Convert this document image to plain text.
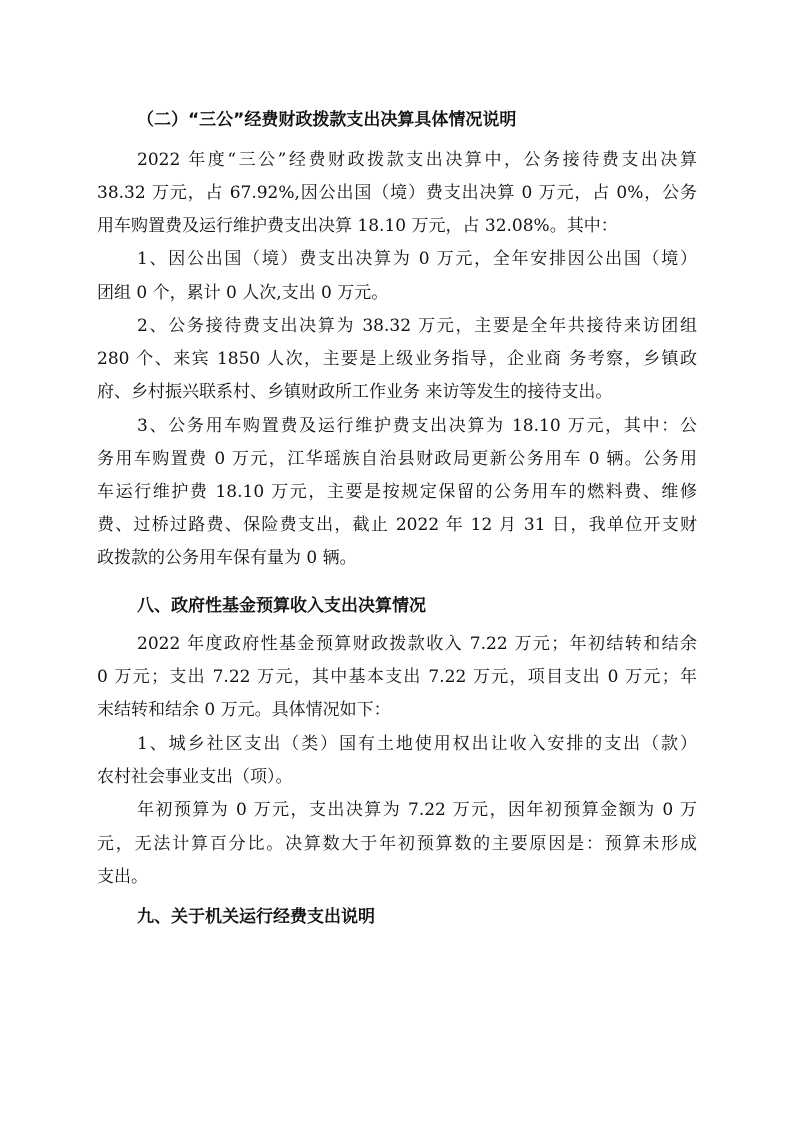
（二）“三公”经费财政拨款支出决算具体情况说明
2022 年度“三公”经费财政拨款支出决算中，公务接待费支出决算
38.32 万元，占 67.92%,因公出国（境）费支出决算 0 万元，占 0%，公务
用车购置费及运行维护费支出决算 18.10 万元，占 32.08%。其中：
1、因公出国（境）费支出决算为 0 万元，全年安排因公出国（境）
团组 0 个，累计 0 人次,支出 0 万元。
2、公务接待费支出决算为 38.32 万元，主要是全年共接待来访团组
280 个、来宾 1850 人次，主要是上级业务指导，企业商 务考察，乡镇政
府、乡村振兴联系村、乡镇财政所工作业务 来访等发生的接待支出。
3、公务用车购置费及运行维护费支出决算为 18.10 万元，其中：公
务用车购置费 0 万元，江华瑶族自治县财政局更新公务用车 0 辆。公务用
车运行维护费 18.10 万元，主要是按规定保留的公务用车的燃料费、维修
费、过桥过路费、保险费支出，截止 2022 年 12 月 31 日，我单位开支财
政拨款的公务用车保有量为 0 辆。
八、政府性基金预算收入支出决算情况
2022 年度政府性基金预算财政拨款收入 7.22 万元；年初结转和结余
0 万元；支出 7.22 万元，其中基本支出 7.22 万元，项目支出 0 万元；年
末结转和结余 0 万元。具体情况如下：
1、城乡社区支出（类）国有土地使用权出让收入安排的支出（款）
农村社会事业支出（项）。
年初预算为 0 万元，支出决算为 7.22 万元，因年初预算金额为 0 万
元，无法计算百分比。决算数大于年初预算数的主要原因是：预算未形成
支出。
九、关于机关运行经费支出说明
